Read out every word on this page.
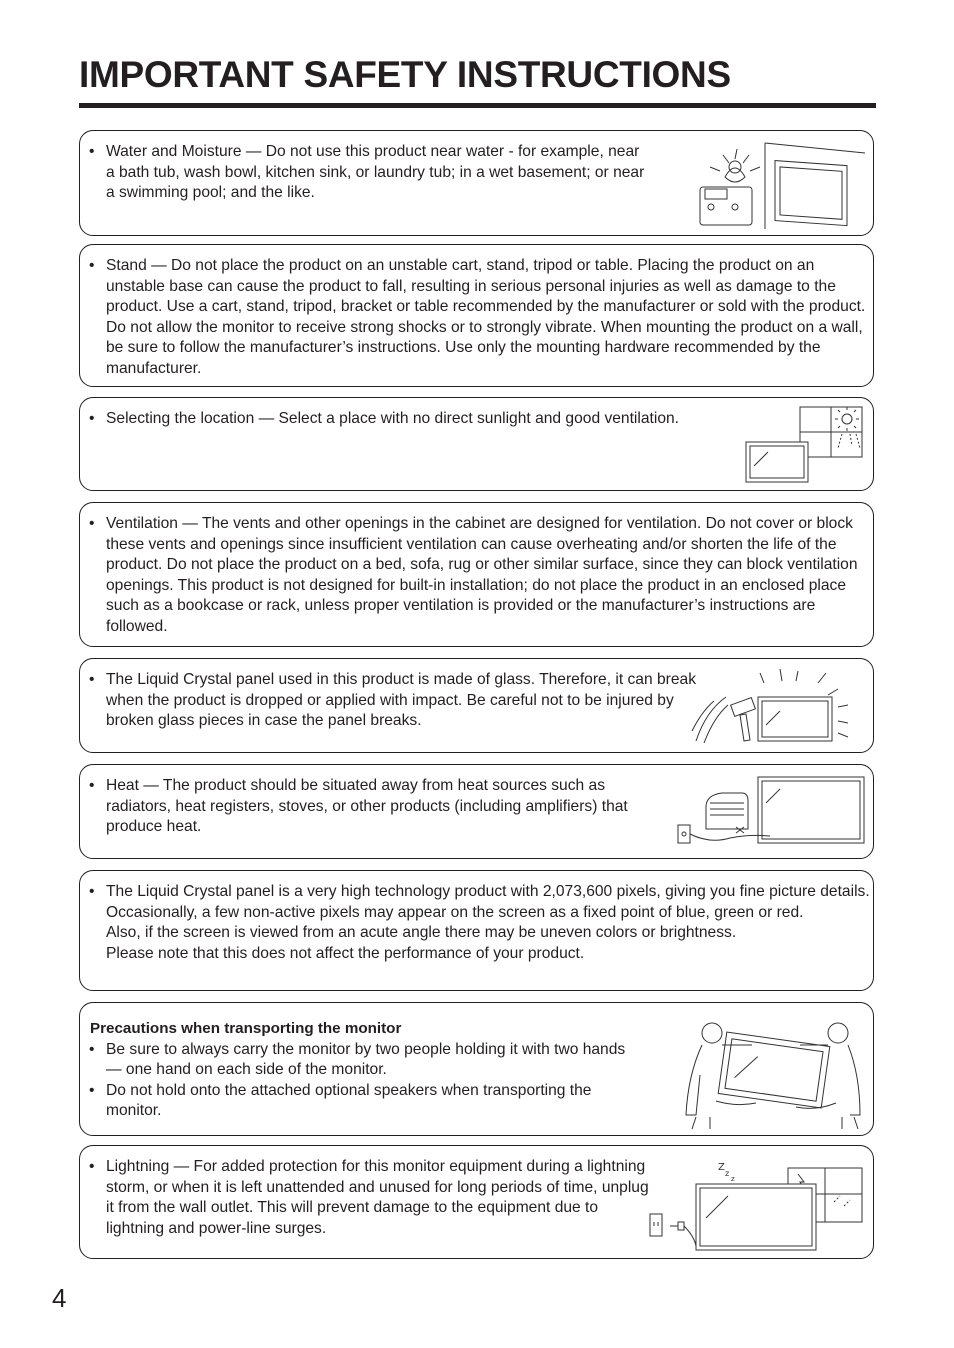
IMPORTANT SAFETY INSTRUCTIONS
• Water and Moisture — Do not use this product near water - for example, near a bath tub, wash bowl, kitchen sink, or laundry tub; in a wet basement; or near a swimming pool; and the like.
• Stand — Do not place the product on an unstable cart, stand, tripod or table. Placing the product on an unstable base can cause the product to fall, resulting in serious personal injuries as well as damage to the product. Use a cart, stand, tripod, bracket or table recommended by the manufacturer or sold with the product. Do not allow the monitor to receive strong shocks or to strongly vibrate. When mounting the product on a wall, be sure to follow the manufacturer’s instructions. Use only the mounting hardware recommended by the manufacturer.
• Selecting the location — Select a place with no direct sunlight and good ventilation.
• Ventilation — The vents and other openings in the cabinet are designed for ventilation. Do not cover or block these vents and openings since insufficient ventilation can cause overheating and/or shorten the life of the product. Do not place the product on a bed, sofa, rug or other similar surface, since they can block ventilation openings. This product is not designed for built-in installation; do not place the product in an enclosed place such as a bookcase or rack, unless proper ventilation is provided or the manufacturer’s instructions are followed.
• The Liquid Crystal panel used in this product is made of glass. Therefore, it can break when the product is dropped or applied with impact. Be careful not to be injured by broken glass pieces in case the panel breaks.
• Heat — The product should be situated away from heat sources such as radiators, heat registers, stoves, or other products (including amplifiers) that produce heat.
• The Liquid Crystal panel is a very high technology product with 2,073,600 pixels, giving you fine picture details.
Occasionally, a few non-active pixels may appear on the screen as a fixed point of blue, green or red.
Also, if the screen is viewed from an acute angle there may be uneven colors or brightness.
Please note that this does not affect the performance of your product.
Precautions when transporting the monitor
• Be sure to always carry the monitor by two people holding it with two hands — one hand on each side of the monitor.
• Do not hold onto the attached optional speakers when transporting the monitor.
• Lightning — For added protection for this monitor equipment during a lightning storm, or when it is left unattended and unused for long periods of time, unplug it from the wall outlet. This will prevent damage to the equipment due to lightning and power-line surges.
Z
z
z
4
